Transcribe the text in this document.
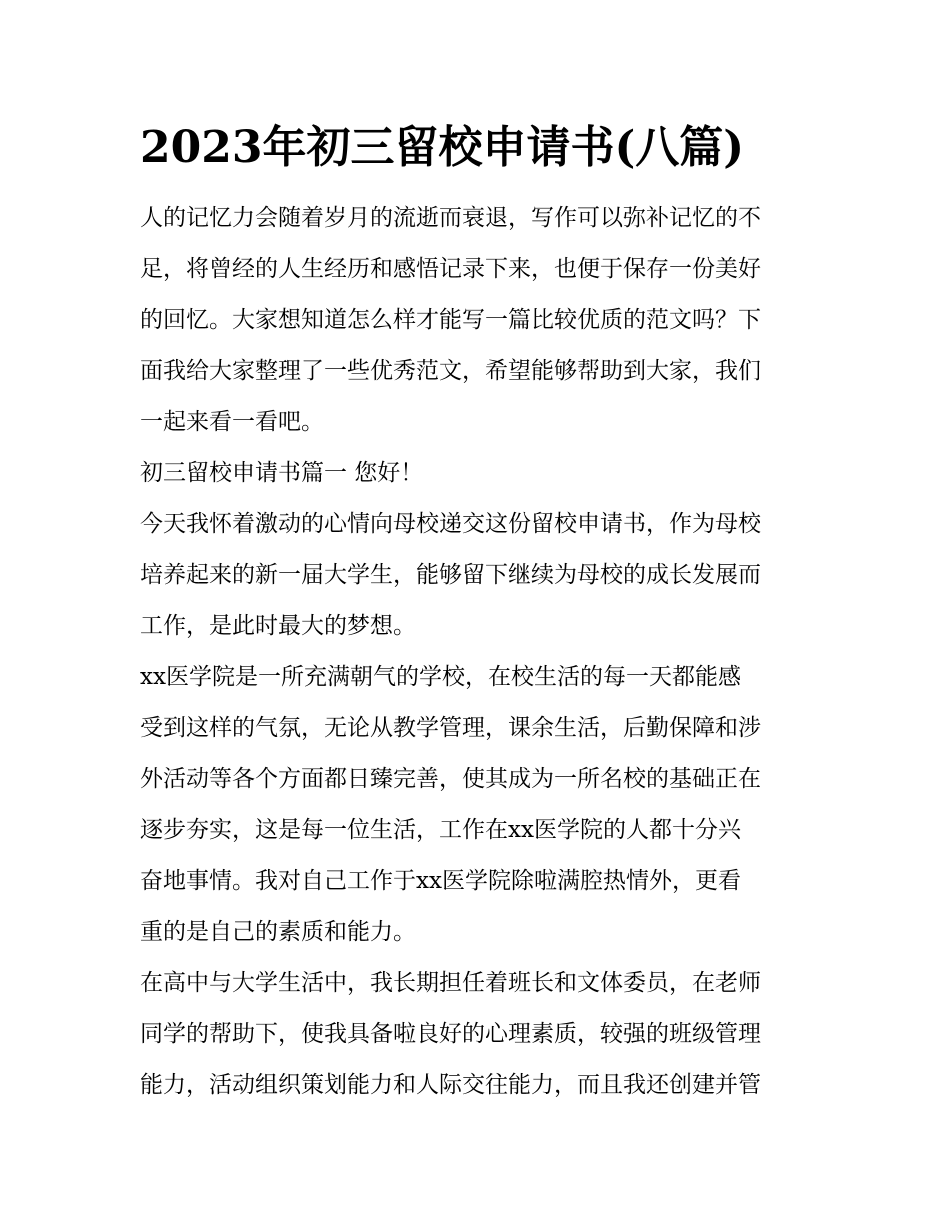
2023年初三留校申请书(八篇)

人的记忆力会随着岁月的流逝而衰退，写作可以弥补记忆的不
足，将曾经的人生经历和感悟记录下来，也便于保存一份美好
的回忆。大家想知道怎么样才能写一篇比较优质的范文吗？下
面我给大家整理了一些优秀范文，希望能够帮助到大家，我们
一起来看一看吧。

初三留校申请书篇一 您好！

今天我怀着激动的心情向母校递交这份留校申请书，作为母校
培养起来的新一届大学生，能够留下继续为母校的成长发展而
工作，是此时最大的梦想。

xx医学院是一所充满朝气的学校，在校生活的每一天都能感
受到这样的气氛，无论从教学管理，课余生活，后勤保障和涉
外活动等各个方面都日臻完善，使其成为一所名校的基础正在
逐步夯实，这是每一位生活，工作在xx医学院的人都十分兴
奋地事情。我对自己工作于xx医学院除啦满腔热情外，更看
重的是自己的素质和能力。

在高中与大学生活中，我长期担任着班长和文体委员，在老师
同学的帮助下，使我具备啦良好的心理素质，较强的班级管理
能力，活动组织策划能力和人际交往能力，而且我还创建并管
